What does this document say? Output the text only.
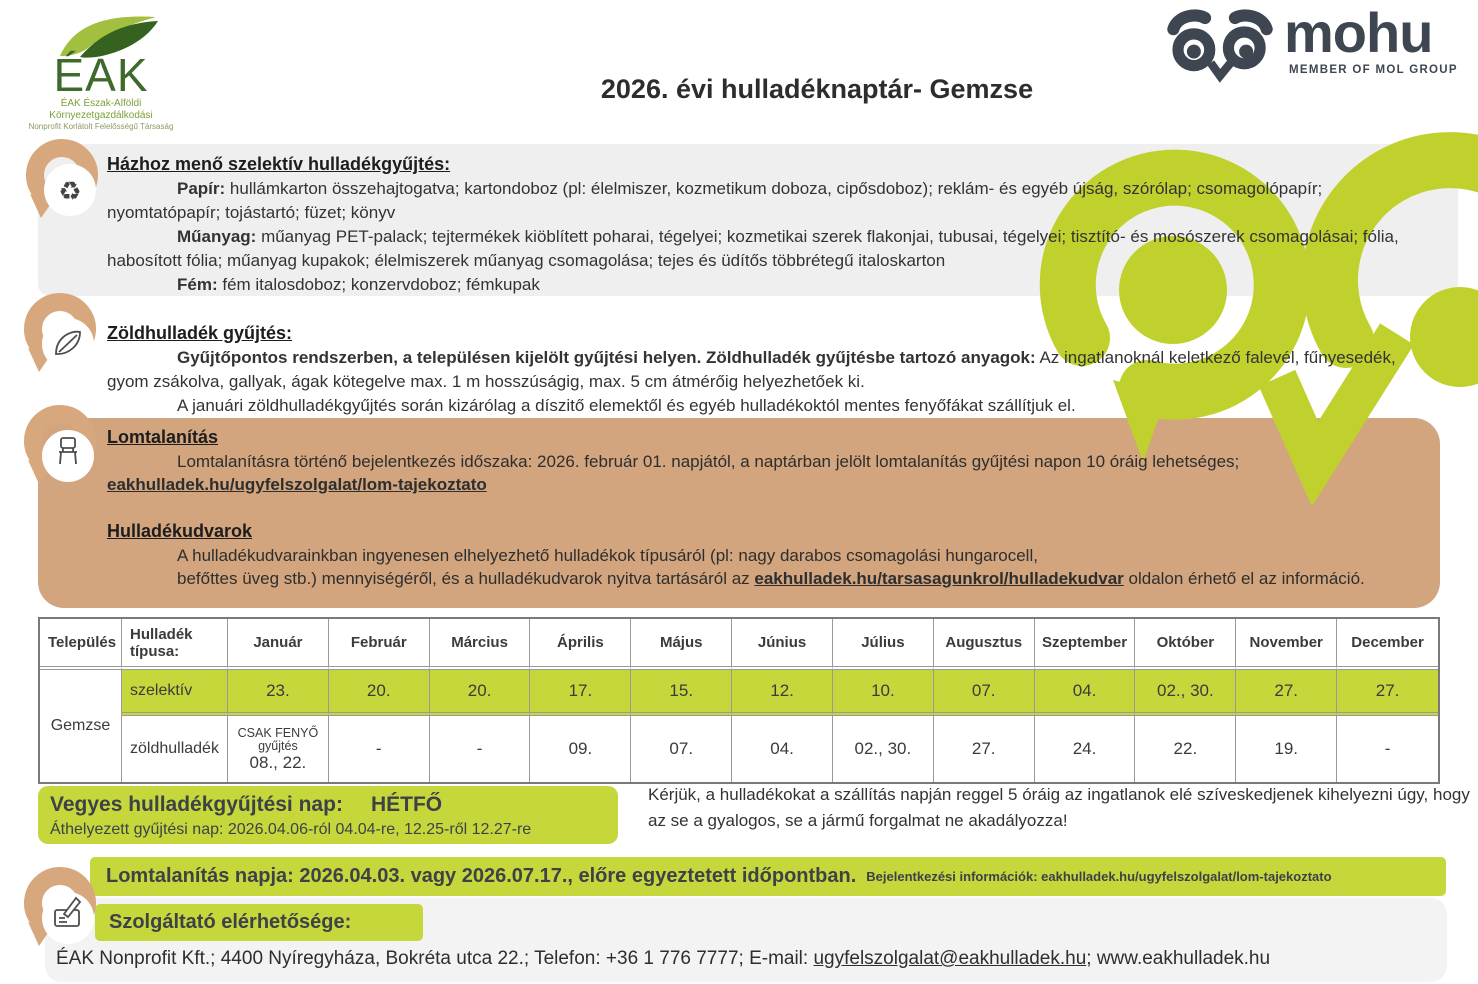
ÉAK
ÉAK Észak-Alföldi
Környezetgazdálkodási
Nonprofit Korlátolt Felelősségű Társaság
2026. évi hulladéknaptár- Gemzse
mohu
MEMBER OF MOL GROUP
Házhoz menő szelektív hulladékgyűjtés:
Papír: hullámkarton összehajtogatva; kartondoboz (pl: élelmiszer, kozmetikum doboza, cipősdoboz); reklám- és egyéb újság, szórólap; csomagolópapír;
nyomtatópapír; tojástartó; füzet; könyv
Műanyag: műanyag PET-palack; tejtermékek kiöblített poharai, tégelyei; kozmetikai szerek flakonjai, tubusai, tégelyei; tisztító- és mosószerek csomagolásai; fólia,
habosított fólia; műanyag kupakok; élelmiszerek műanyag csomagolása; tejes és üdítős többrétegű italoskarton
Fém: fém italosdoboz; konzervdoboz; fémkupak
Zöldhulladék gyűjtés:
Gyűjtőpontos rendszerben, a településen kijelölt gyűjtési helyen. Zöldhulladék gyűjtésbe tartozó anyagok: Az ingatlanoknál keletkező falevél, fűnyesedék,
gyom zsákolva, gallyak, ágak kötegelve max. 1 m hosszúságig, max. 5 cm átmérőig helyezhetőek ki.
A januári zöldhulladékgyűjtés során kizárólag a díszitő elemektől és egyéb hulladékoktól mentes fenyőfákat szállítjuk el.
Lomtalanítás
Lomtalanításra történő bejelentkezés időszaka: 2026. február 01. napjától, a naptárban jelölt lomtalanítás gyűjtési napon 10 óráig lehetséges;
eakhulladek.hu/ugyfelszolgalat/lom-tajekoztato
Hulladékudvarok
A hulladékudvarainkban ingyenesen elhelyezhető hulladékok típusáról (pl: nagy darabos csomagolási hungarocell,
befőttes üveg stb.) mennyiségéről, és a hulladékudvarok nyitva tartásáról az eakhulladek.hu/tarsasagunkrol/hulladekudvar oldalon érhető el az információ.
Település	Hulladék típusa:	Január	Február	Március	Április	Május	Június	Július	Augusztus	Szeptember	Október	November	December
Gemzse	szelektív	23.	20.	20.	17.	15.	12.	10.	07.	04.	02., 30.	27.	27.
	zöldhulladék	CSAK FENYŐ
gyűjtés
08., 22.	-	-	09.	07.	04.	02., 30.	27.	24.	22.	19.	-
Vegyes hulladékgyűjtési nap: HÉTFŐ
Áthelyezett gyűjtési nap: 2026.04.06-ról 04.04-re, 12.25-ről 12.27-re
Kérjük, a hulladékokat a szállítás napján reggel 5 óráig az ingatlanok elé szíveskedjenek kihelyezni úgy, hogy az se a gyalogos, se a jármű forgalmat ne akadályozza!
Lomtalanítás napja: 2026.04.03. vagy 2026.07.17., előre egyeztetett időpontban. Bejelentkezési információk: eakhulladek.hu/ugyfelszolgalat/lom-tajekoztato
Szolgáltató elérhetősége:
ÉAK Nonprofit Kft.; 4400 Nyíregyháza, Bokréta utca 22.; Telefon: +36 1 776 7777; E-mail: ugyfelszolgalat@eakhulladek.hu; www.eakhulladek.hu
♻
